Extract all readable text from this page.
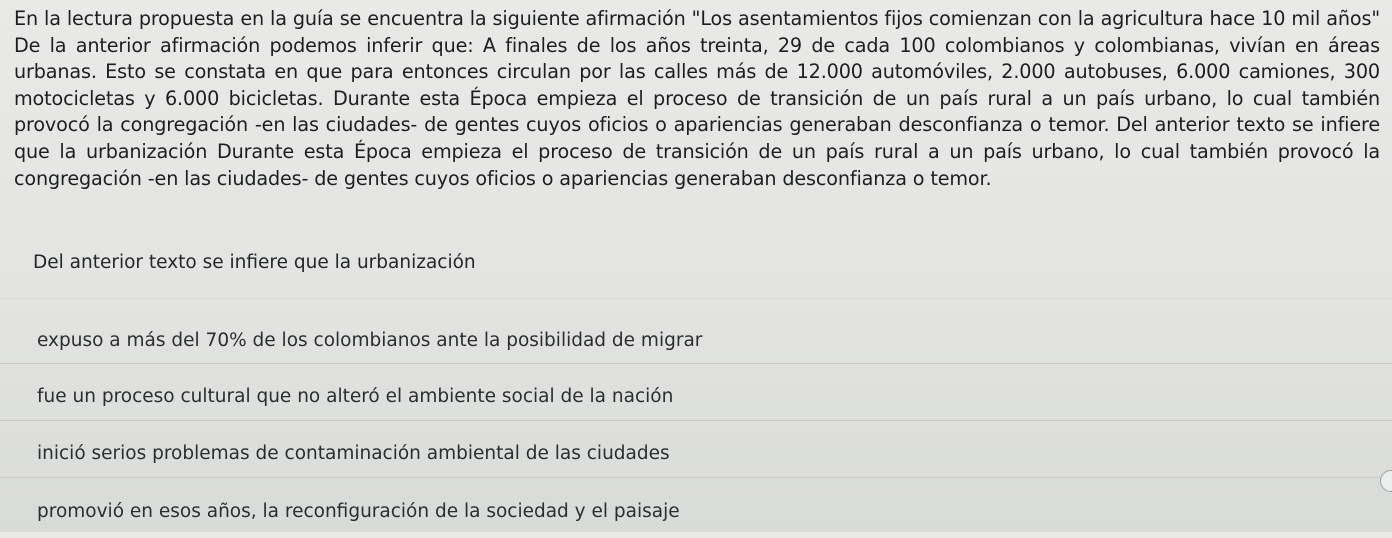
En la lectura propuesta en la guía se encuentra la siguiente afirmación "Los asentamientos fijos comienzan con la agricultura hace 10 mil años" De la anterior afirmación podemos inferir que: A finales de los años treinta, 29 de cada 100 colombianos y colombianas, vivían en áreas urbanas. Esto se constata en que para entonces circulan por las calles más de 12.000 automóviles, 2.000 autobuses, 6.000 camiones, 300 motocicletas y 6.000 bicicletas. Durante esta Época empieza el proceso de transición de un país rural a un país urbano, lo cual también provocó la congregación -en las ciudades- de gentes cuyos oficios o apariencias generaban desconfianza o temor. Del anterior texto se infiere que la urbanización Durante esta Época empieza el proceso de transición de un país rural a un país urbano, lo cual también provocó la congregación -en las ciudades- de gentes cuyos oficios o apariencias generaban desconfianza o temor.

Del anterior texto se infiere que la urbanización
expuso a más del 70% de los colombianos ante la posibilidad de migrar
fue un proceso cultural que no alteró el ambiente social de la nación
inició serios problemas de contaminación ambiental de las ciudades
promovió en esos años, la reconfiguración de la sociedad y el paisaje
